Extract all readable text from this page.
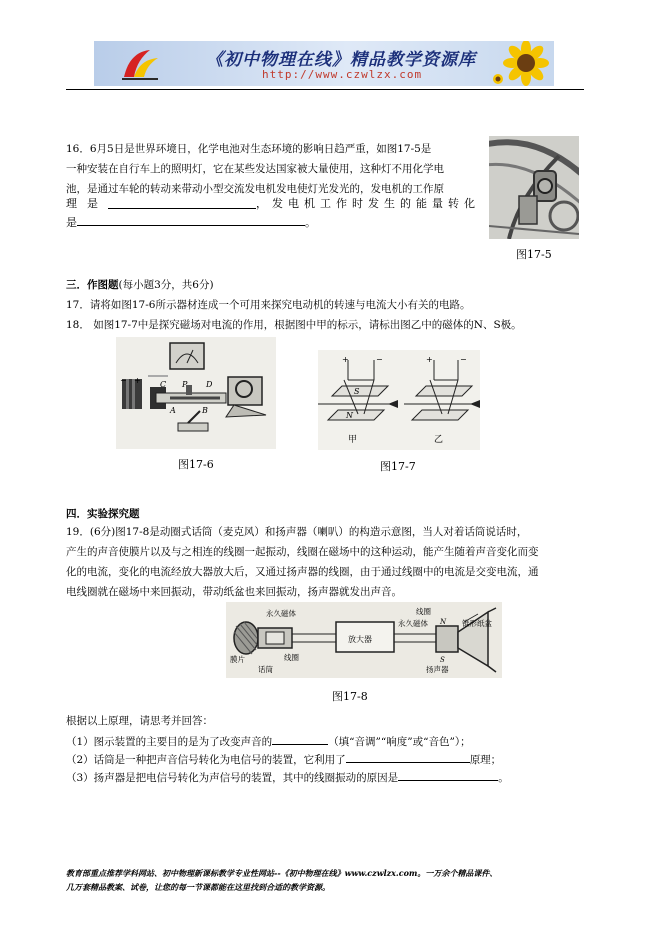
《初中物理在线》精品教学资源库
http://www.czwlzx.com
16．6月5日是世界环境日，化学电池对生态环境的影响日趋严重，如图17-5是
一种安装在自行车上的照明灯，它在某些发达国家被大量使用，这种灯不用化学电
池，是通过车轮的转动来带动小型交流发电机发电使灯光发光的，发电机的工作原
理是	，发电机工作时发生的能量转化
是	。
图17-5
三．作图题(每小题3分，共6分)
17．请将如图17-6所示器材连成一个可用来探究电动机的转速与电流大小有关的电路。
18． 如图17-7中是探究磁场对电流的作用，根据图中甲的标示，请标出图乙中的磁体的N、S极。
+
−	C P D
A	B
图17-6
+	−	+	−
S
N
甲	乙
图17-7
四．实验探究题
19．(6分)图17-8是动圈式话筒（麦克风）和扬声器（喇叭）的构造示意图，当人对着话筒说话时，
产生的声音使膜片以及与之相连的线圈一起振动，线圈在磁场中的这种运动，能产生随着声音变化而变
化的电流，变化的电流经放大器放大后，又通过扬声器的线圈，由于通过线圈中的电流是交变电流，通
电线圈就在磁场中来回振动，带动纸盆也来回振动，扬声器就发出声音。
永久磁体
放大器
永久磁体
线圈
锥形纸盆
膜片	线圈
话筒	扬声器
N
S
图17-8
根据以上原理，请思考并回答：
（1）图示装置的主要目的是为了改变声音的	（填“音调”“响度”或“音色”）；
（2）话筒是一种把声音信号转化为电信号的装置，它利用了	原理；
（3）扬声器是把电信号转化为声信号的装置，其中的线圈振动的原因是	。
教育部重点推荐学科网站、初中物理新课标教学专业性网站--《初中物理在线》www.czwlzx.com。一万余个精品课件、
几万套精品教案、试卷，让您的每一节课都能在这里找到合适的教学资源。
